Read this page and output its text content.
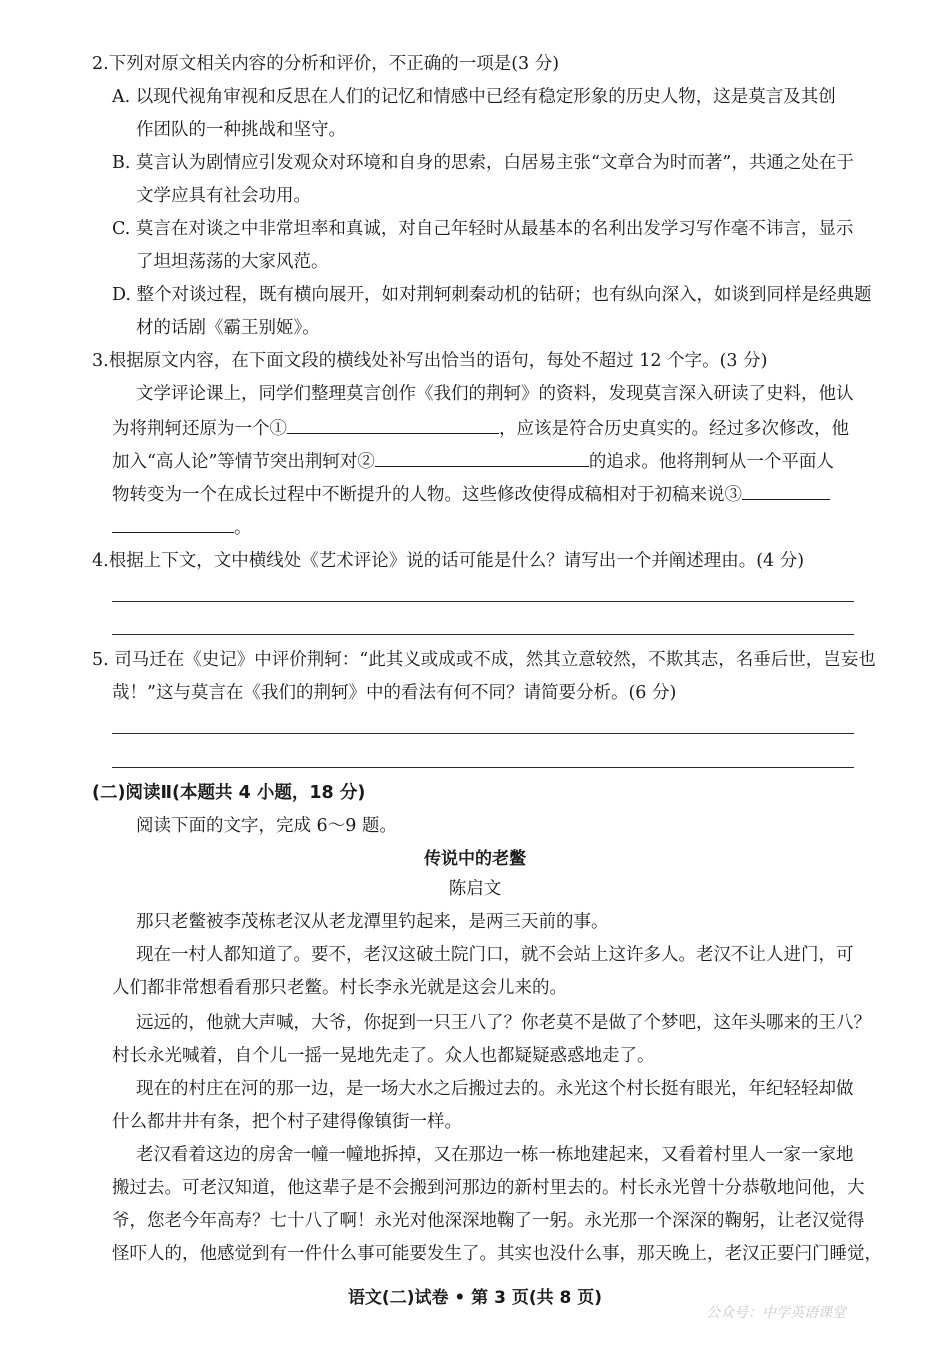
2.下列对原文相关内容的分析和评价，不正确的一项是(3 分)
A. 以现代视角审视和反思在人们的记忆和情感中已经有稳定形象的历史人物，这是莫言及其创
作团队的一种挑战和坚守。
B. 莫言认为剧情应引发观众对环境和自身的思索，白居易主张“文章合为时而著”，共通之处在于
文学应具有社会功用。
C. 莫言在对谈之中非常坦率和真诚，对自己年轻时从最基本的名利出发学习写作毫不讳言，显示
了坦坦荡荡的大家风范。
D. 整个对谈过程，既有横向展开，如对荆轲刺秦动机的钻研；也有纵向深入，如谈到同样是经典题
材的话剧《霸王别姬》。
3.根据原文内容，在下面文段的横线处补写出恰当的语句，每处不超过 12 个字。(3 分)
文学评论课上，同学们整理莫言创作《我们的荆轲》的资料，发现莫言深入研读了史料，他认
为将荆轲还原为一个①	，应该是符合历史真实的。经过多次修改，他
加入“高人论”等情节突出荆轲对②	的追求。他将荆轲从一个平面人
物转变为一个在成长过程中不断提升的人物。这些修改使得成稿相对于初稿来说③
。
4.根据上下文，文中横线处《艺术评论》说的话可能是什么？请写出一个并阐述理由。(4 分)
5. 司马迁在《史记》中评价荆轲：“此其义或成或不成，然其立意较然，不欺其志，名垂后世，岂妄也
哉！”这与莫言在《我们的荆轲》中的看法有何不同？请简要分析。(6 分)
(二)阅读Ⅱ(本题共 4 小题，18 分)
阅读下面的文字，完成 6～9 题。
传说中的老鳖
陈启文
那只老鳖被李茂栋老汉从老龙潭里钓起来，是两三天前的事。
现在一村人都知道了。要不，老汉这破土院门口，就不会站上这许多人。老汉不让人进门，可
人们都非常想看看那只老鳖。村长李永光就是这会儿来的。
远远的，他就大声喊，大爷，你捉到一只王八了？你老莫不是做了个梦吧，这年头哪来的王八？
村长永光喊着，自个儿一摇一晃地先走了。众人也都疑疑惑惑地走了。
现在的村庄在河的那一边，是一场大水之后搬过去的。永光这个村长挺有眼光，年纪轻轻却做
什么都井井有条，把个村子建得像镇街一样。
老汉看着这边的房舍一幢一幢地拆掉，又在那边一栋一栋地建起来，又看着村里人一家一家地
搬过去。可老汉知道，他这辈子是不会搬到河那边的新村里去的。村长永光曾十分恭敬地问他，大
爷，您老今年高寿？七十八了啊！永光对他深深地鞠了一躬。永光那一个深深的鞠躬，让老汉觉得
怪吓人的，他感觉到有一件什么事可能要发生了。其实也没什么事，那天晚上，老汉正要闩门睡觉，
语文(二)试卷 • 第 3 页(共 8 页)
公众号：中学英语课堂
